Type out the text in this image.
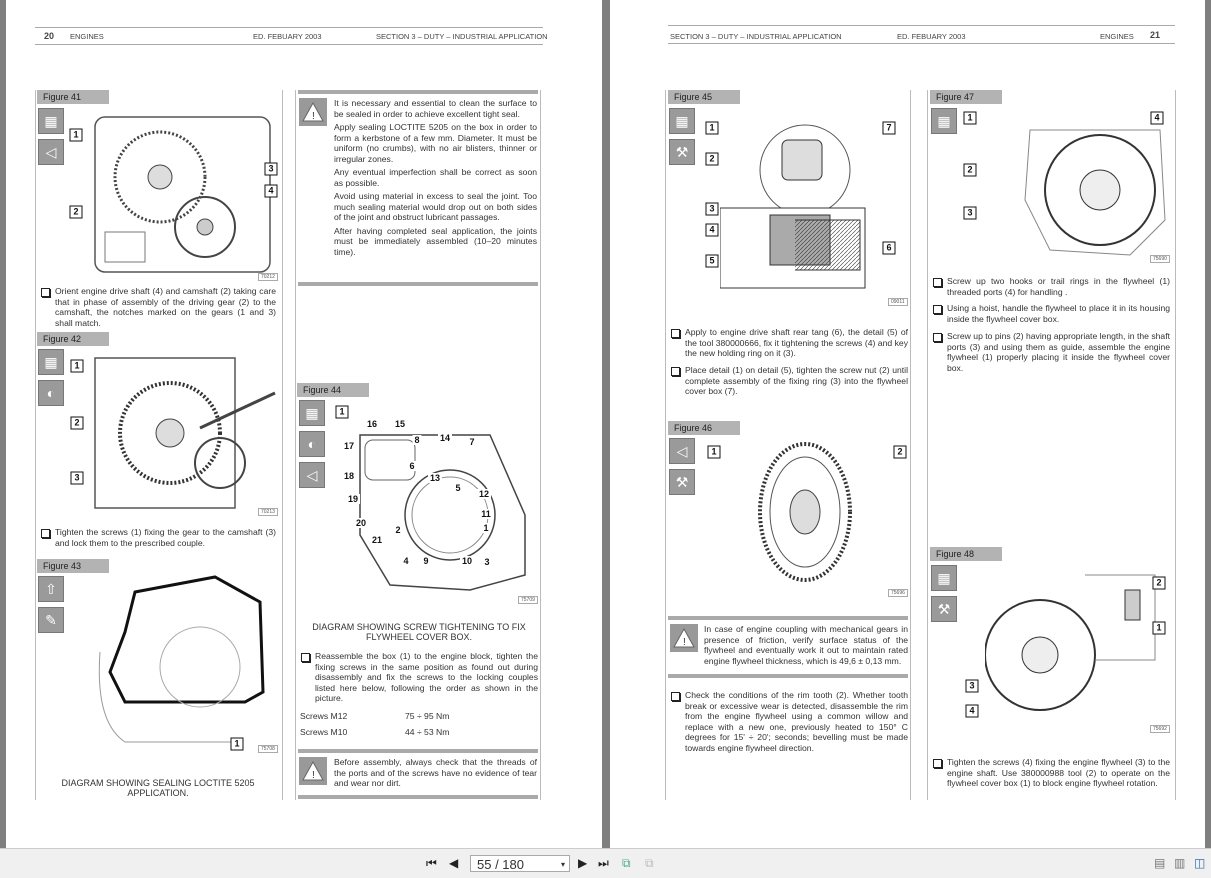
20 ENGINES	ED. FEBUARY 2003	SECTION 3 – DUTY – INDUSTRIAL APPLICATION
Figure 41
▦
◁
70212
Orient engine drive shaft (4) and camshaft (2) taking care that in phase of assembly of the driving gear (2) to the camshaft, the notches marked on the gears (1 and 3) shall match.
Figure 42
▦
◐
70213
Tighten the screws (1) fixing the gear to the camshaft (3) and lock them to the prescribed couple.
Figure 43
⇧
✎
75708
DIAGRAM SHOWING SEALING LOCTITE 5205 APPLICATION.
!
It is necessary and essential to clean the surface to be sealed in order to achieve excellent tight seal.
Apply sealing LOCTITE 5205 on the box in order to form a kerbstone of a few mm. Diameter. It must be uniform (no crumbs), with no air blisters, thinner or irregular zones.
Any eventual imperfection shall be correct as soon as possible.
Avoid using material in excess to seal the joint. Too much sealing material would drop out on both sides of the joint and obstruct lubricant passages.
After having completed seal application, the joints must be immediately assembled (10–20 minutes time).
Figure 44
▦
◐
◁
75709
DIAGRAM SHOWING SCREW TIGHTENING TO FIX FLYWHEEL COVER BOX.
Reassemble the box (1) to the engine block, tighten the fixing screws in the same position as found out during disassembly and fix the screws to the locking couples listed here below, following the order as shown in the picture.
Screws M12	75 ÷ 95 Nm
Screws M10	44 ÷ 53 Nm
!
Before assembly, always check that the threads of the ports and of the screws have no evidence of tear and wear nor dirt.
SECTION 3 – DUTY – INDUSTRIAL APPLICATION	ED. FEBUARY 2003	ENGINES 21
Figure 45
▦
⚒
09011
Apply to engine drive shaft rear tang (6), the detail (5) of the tool 380000666, fix it tightening the screws (4) and key the new holding ring on it (3).
Place detail (1) on detail (5), tighten the screw nut (2) until complete assembly of the fixing ring (3) into the flywheel cover box (7).
Figure 46
◁
⚒
75696
!
In case of engine coupling with mechanical gears in presence of friction, verify surface status of the flywheel and eventually work it out to maintain rated engine flywheel thickness, which is 49,6 ± 0,13 mm.
Check the conditions of the rim tooth (2). Whether tooth break or excessive wear is detected, disassemble the rim from the engine flywheel using a common willow and replace with a new one, previously heated to 150° C degrees for 15' ÷ 20'; seconds; bevelling must be made towards engine flywheel direction.
Figure 47
▦
75690
Screw up two hooks or trail rings in the flywheel (1) threaded ports (4) for handling .
Using a hoist, handle the flywheel to place it in its housing inside the flywheel cover box.
Screw up to pins (2) having appropriate length, in the shaft ports (3) and using them as guide, assemble the engine flywheel (1) properly placing it inside the flywheel cover box.
Figure 48
▦
⚒
75692
Tighten the screws (4) fixing the engine flywheel (3) to the engine shaft. Use 380000988 tool (2) to operate on the flywheel cover box (1) to block engine flywheel rotation.
1
2
3
4
1
2
3
1
1
16 15
8 14 7
17
6
13
5
18
12
19
11
20
2	1
21
4 9	10 3
1
2
3
4
5
7
6
1	2
1	4
2
3
2
1
3
4
⏮ ◀	55 / 180	▾ ▶ ⏭ ⧉ ⧉	▤ ▥ ◫
